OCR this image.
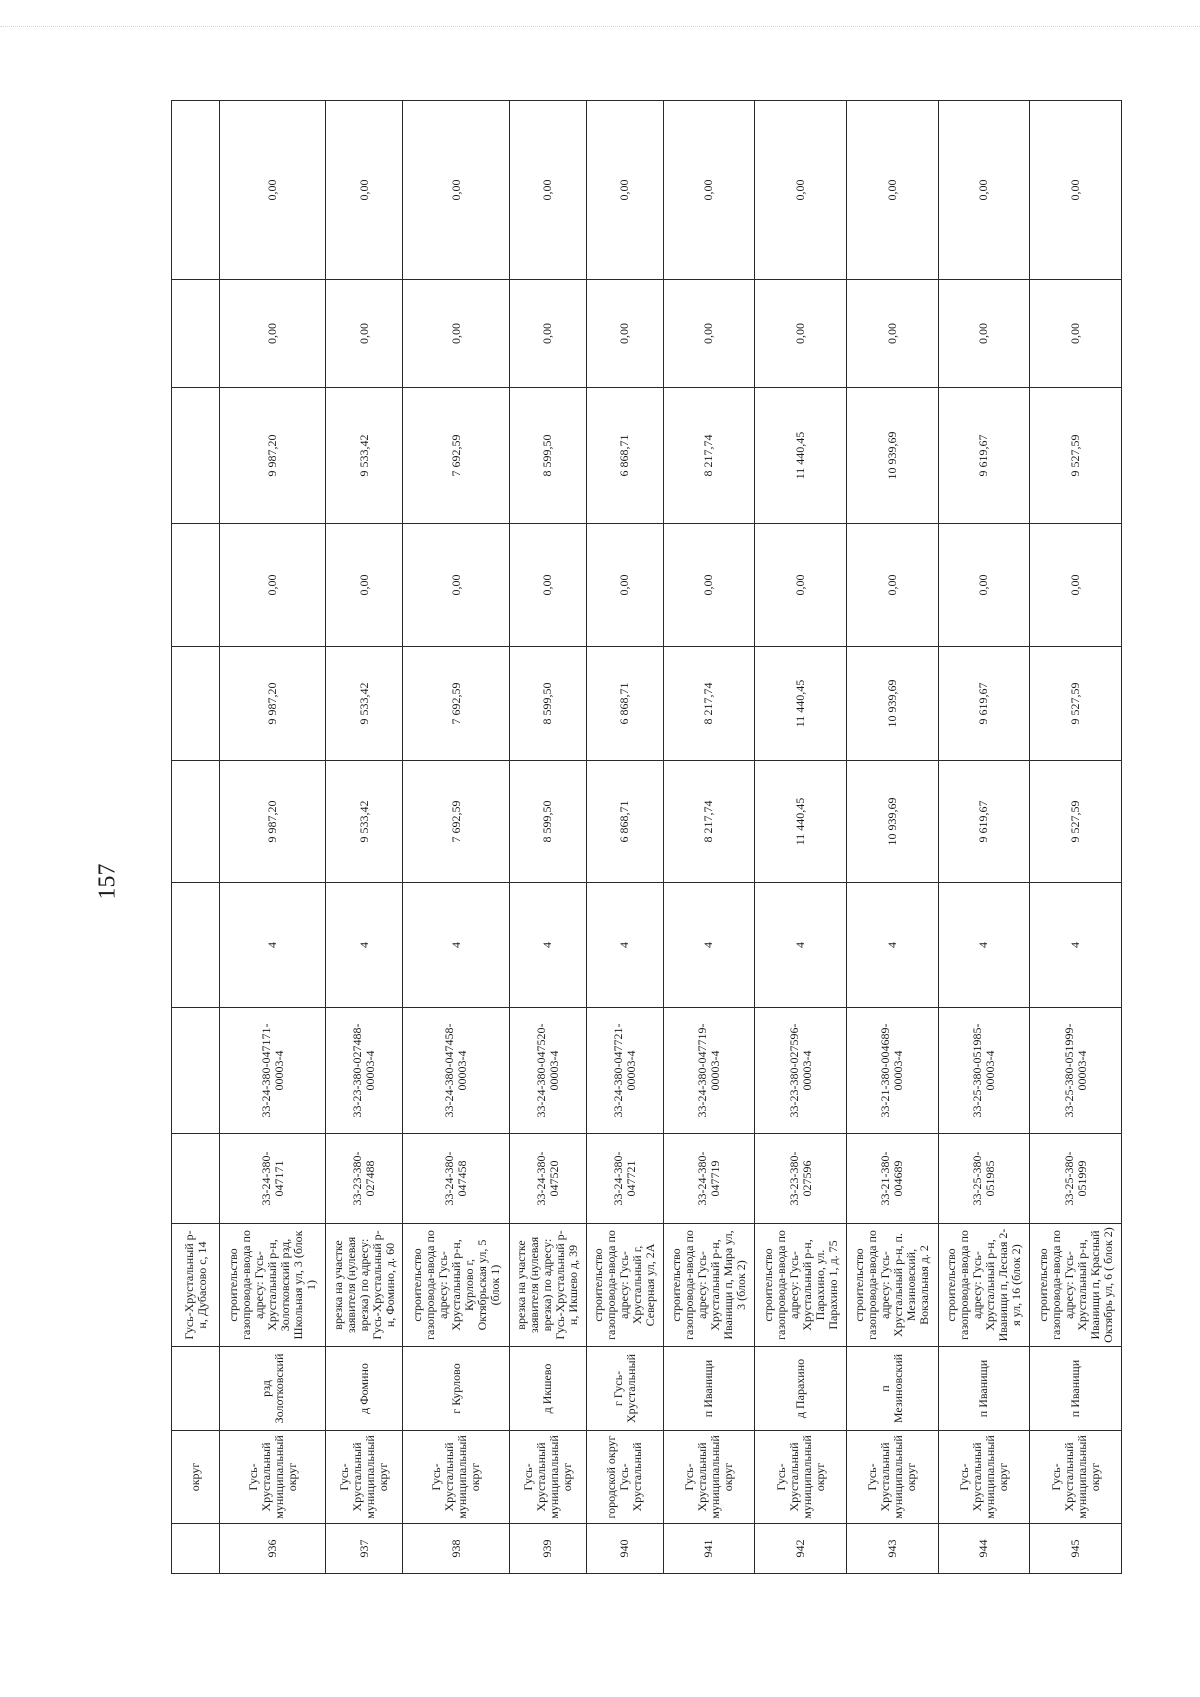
157
	округ		Гусь-Хрустальный р-н, Дубасово с, 14									
936	Гусь-Хрустальный муниципальный округ	рзд Золотковский	строительство газопровода-ввода по адресу: Гусь-Хрустальный р-н, Золотковский рзд, Школьная ул, 3 (блок 1)	33-24-380-047171	33-24-380-047171-00003-4	4	9 987,20	9 987,20	0,00	9 987,20	0,00	0,00
937	Гусь-Хрустальный муниципальный округ	д Фомино	врезка на участке заявителя (нулевая врезка) по адресу: Гусь-Хрустальный р-н, Фомино, д. 60	33-23-380-027488	33-23-380-027488-00003-4	4	9 533,42	9 533,42	0,00	9 533,42	0,00	0,00
938	Гусь-Хрустальный муниципальный округ	г Курлово	строительство газопровода-ввода по адресу: Гусь-Хрустальный р-н, Курлово г, Октябрьская ул, 5 (блок 1)	33-24-380-047458	33-24-380-047458-00003-4	4	7 692,59	7 692,59	0,00	7 692,59	0,00	0,00
939	Гусь-Хрустальный муниципальный округ	д Икшево	врезка на участке заявителя (нулевая врезка) по адресу: Гусь-Хрустальный р-н, Икшево д, 39	33-24-380-047520	33-24-380-047520-00003-4	4	8 599,50	8 599,50	0,00	8 599,50	0,00	0,00
940	городской округ Гусь-Хрустальный	г Гусь-Хрустальный	строительство газопровода-ввода по адресу: Гусь-Хрустальный г, Северная ул, 2А	33-24-380-047721	33-24-380-047721-00003-4	4	6 868,71	6 868,71	0,00	6 868,71	0,00	0,00
941	Гусь-Хрустальный муниципальный округ	п Иванищи	строительство газопровода-ввода по адресу: Гусь-Хрустальный р-н, Иванищи п, Мира ул, 3 (блок 2)	33-24-380-047719	33-24-380-047719-00003-4	4	8 217,74	8 217,74	0,00	8 217,74	0,00	0,00
942	Гусь-Хрустальный муниципальный округ	д Парахино	строительство газопровода-ввода по адресу: Гусь-Хрустальный р-н, Парахино, ул. Парахино 1, д. 75	33-23-380-027596	33-23-380-027596-00003-4	4	11 440,45	11 440,45	0,00	11 440,45	0,00	0,00
943	Гусь-Хрустальный муниципальный округ	п Мезиновский	строительство газопровода-ввода по адресу: Гусь-Хрустальный р-н, п. Мезиновский, Вокзальная д. 2	33-21-380-004689	33-21-380-004689-00003-4	4	10 939,69	10 939,69	0,00	10 939,69	0,00	0,00
944	Гусь-Хрустальный муниципальный округ	п Иванищи	строительство газопровода-ввода по адресу: Гусь-Хрустальный р-н, Иванищи п, Лесная 2-я ул, 16 (блок 2)	33-25-380-051985	33-25-380-051985-00003-4	4	9 619,67	9 619,67	0,00	9 619,67	0,00	0,00
945	Гусь-Хрустальный муниципальный округ	п Иванищи	строительство газопровода-ввода по адресу: Гусь-Хрустальный р-н, Иванищи п, Красный Октябрь ул, 6 ( блок 2)	33-25-380-051999	33-25-380-051999-00003-4	4	9 527,59	9 527,59	0,00	9 527,59	0,00	0,00
